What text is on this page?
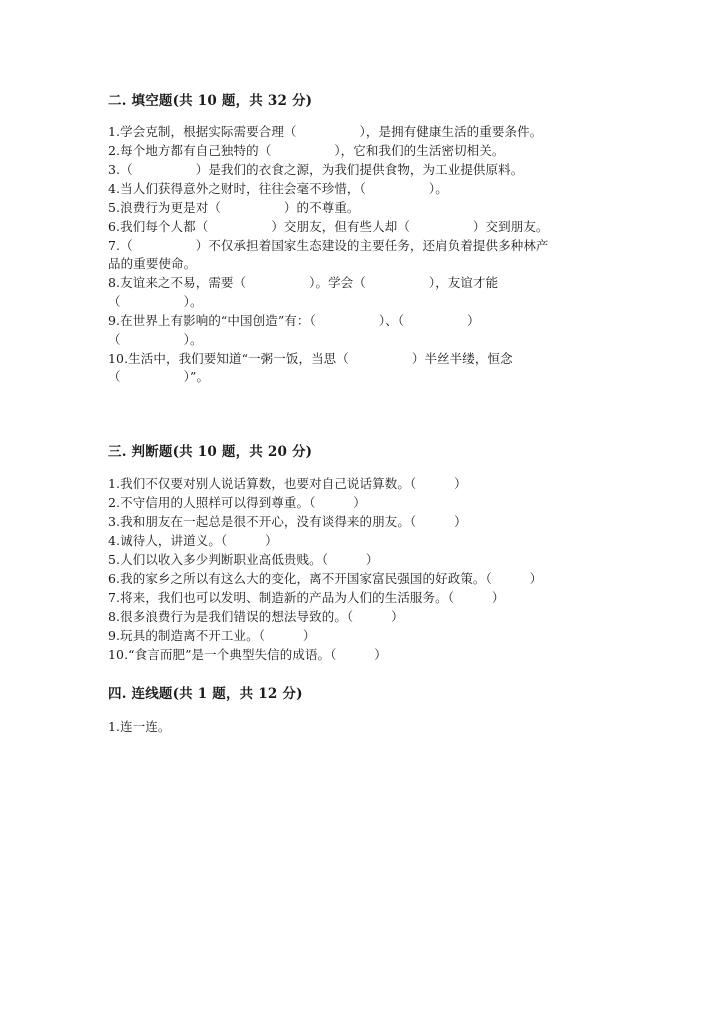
二. 填空题(共 10 题，共 32 分)
1.学会克制，根据实际需要合理（　　　　　），是拥有健康生活的重要条件。
2.每个地方都有自己独特的（　　　　　），它和我们的生活密切相关。
3.（　　　　　）是我们的衣食之源，为我们提供食物，为工业提供原料。
4.当人们获得意外之财时，往往会毫不珍惜，（　　　　　）。
5.浪费行为更是对（　　　　　）的不尊重。
6.我们每个人都（　　　　　）交朋友，但有些人却（　　　　　）交到朋友。
7.（　　　　　）不仅承担着国家生态建设的主要任务，还肩负着提供多种林产
品的重要使命。
8.友谊来之不易，需要（　　　　　）。学会（　　　　　），友谊才能
（　　　　　）。
9.在世界上有影响的“中国创造”有：（　　　　　）、（　　　　　）
（　　　　　）。
10.生活中，我们要知道“一粥一饭，当思（　　　　　）半丝半缕，恒念
（　　　　　）”。
三. 判断题(共 10 题，共 20 分)
1.我们不仅要对别人说话算数，也要对自己说话算数。（　　　）
2.不守信用的人照样可以得到尊重。（　　　）
3.我和朋友在一起总是很不开心，没有谈得来的朋友。（　　　）
4.诚待人，讲道义。（　　　）
5.人们以收入多少判断职业高低贵贱。（　　　）
6.我的家乡之所以有这么大的变化，离不开国家富民强国的好政策。（　　　）
7.将来，我们也可以发明、制造新的产品为人们的生活服务。（　　　）
8.很多浪费行为是我们错误的想法导致的。（　　　）
9.玩具的制造离不开工业。（　　　）
10.“食言而肥”是一个典型失信的成语。（　　　）
四. 连线题(共 1 题，共 12 分)
1.连一连。
